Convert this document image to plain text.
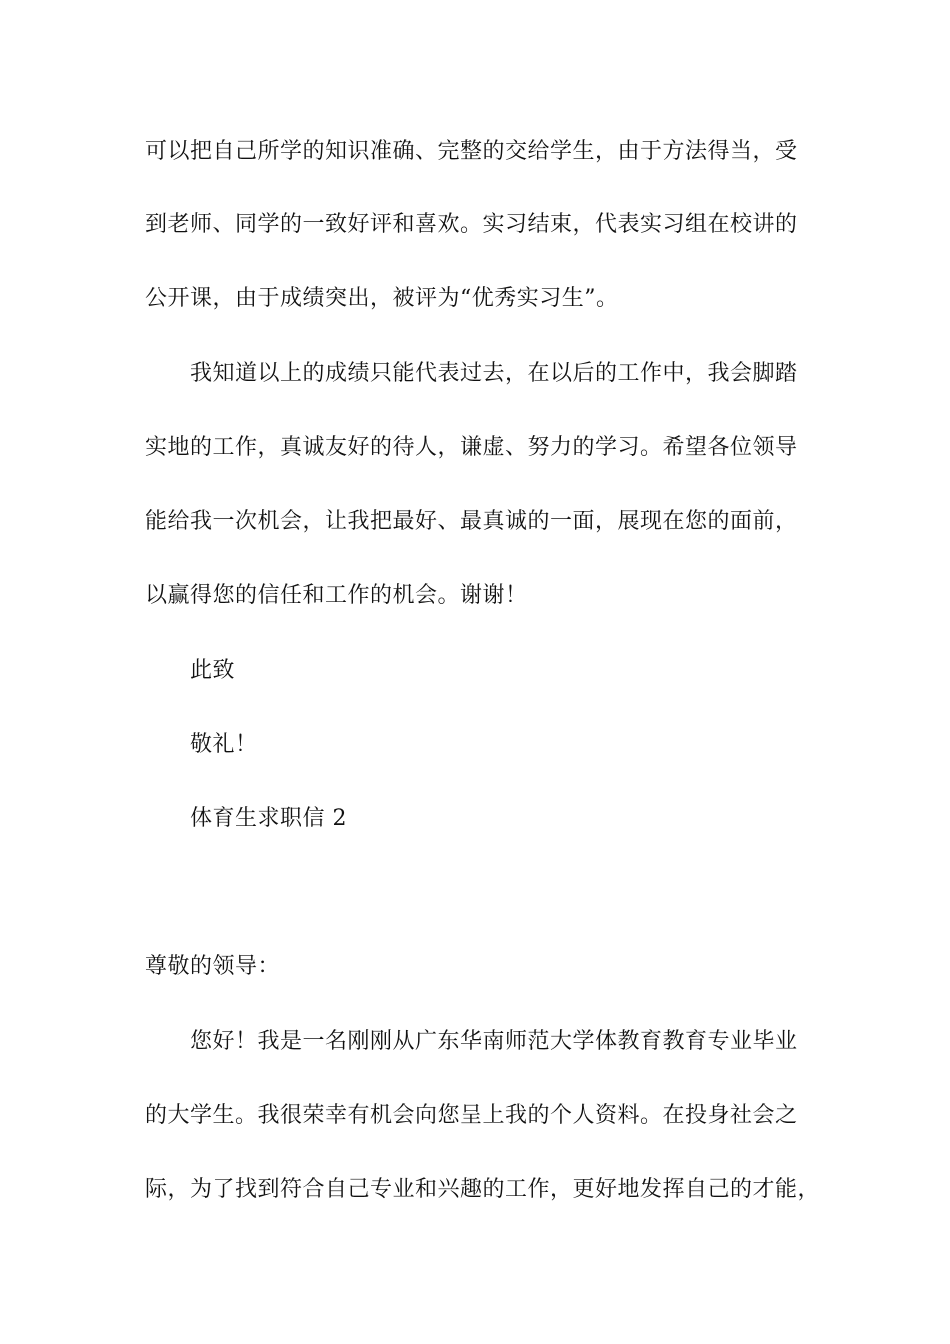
可以把自己所学的知识准确、完整的交给学生，由于方法得当，受
到老师、同学的一致好评和喜欢。实习结束，代表实习组在校讲的
公开课，由于成绩突出，被评为“优秀实习生”。
我知道以上的成绩只能代表过去，在以后的工作中，我会脚踏
实地的工作，真诚友好的待人，谦虚、努力的学习。希望各位领导
能给我一次机会，让我把最好、最真诚的一面，展现在您的面前，
以赢得您的信任和工作的机会。谢谢！
此致
敬礼！
体育生求职信 2
尊敬的领导：
您好！我是一名刚刚从广东华南师范大学体教育教育专业毕业
的大学生。我很荣幸有机会向您呈上我的个人资料。在投身社会之
际，为了找到符合自己专业和兴趣的工作，更好地发挥自己的才能，
